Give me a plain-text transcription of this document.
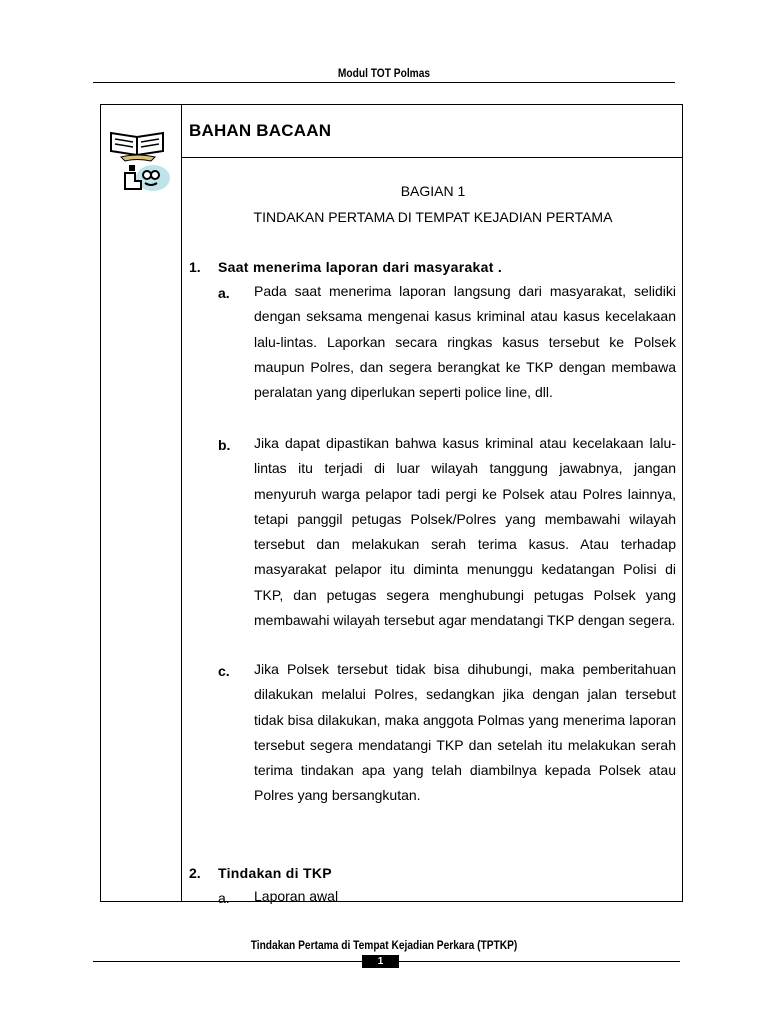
Modul TOT Polmas
BAHAN BACAAN
BAGIAN 1
TINDAKAN PERTAMA DI TEMPAT KEJADIAN PERTAMA
1. Saat menerima laporan dari masyarakat .
a. Pada saat menerima laporan langsung dari masyarakat, selidiki dengan seksama mengenai kasus kriminal atau kasus kecelakaan lalu-lintas. Laporkan secara ringkas kasus tersebut ke Polsek maupun Polres, dan segera berangkat ke TKP dengan membawa peralatan yang diperlukan seperti police line, dll.

b. Jika dapat dipastikan bahwa kasus kriminal atau kecelakaan lalu-lintas itu terjadi di luar wilayah tanggung jawabnya, jangan menyuruh warga pelapor tadi pergi ke Polsek atau Polres lainnya, tetapi panggil petugas Polsek/Polres yang membawahi wilayah tersebut dan melakukan serah terima kasus. Atau terhadap masyarakat pelapor itu diminta menunggu kedatangan Polisi di TKP, dan petugas segera menghubungi petugas Polsek yang membawahi wilayah tersebut agar mendatangi TKP dengan segera.

c. Jika Polsek tersebut tidak bisa dihubungi, maka pemberitahuan dilakukan melalui Polres, sedangkan jika dengan jalan tersebut tidak bisa dilakukan, maka anggota Polmas yang menerima laporan tersebut segera mendatangi TKP dan setelah itu melakukan serah terima tindakan apa yang telah diambilnya kepada Polsek atau Polres yang bersangkutan.

2. Tindakan di TKP
a. Laporan awal

Tindakan Pertama di Tempat Kejadian Perkara (TPTKP)
1
